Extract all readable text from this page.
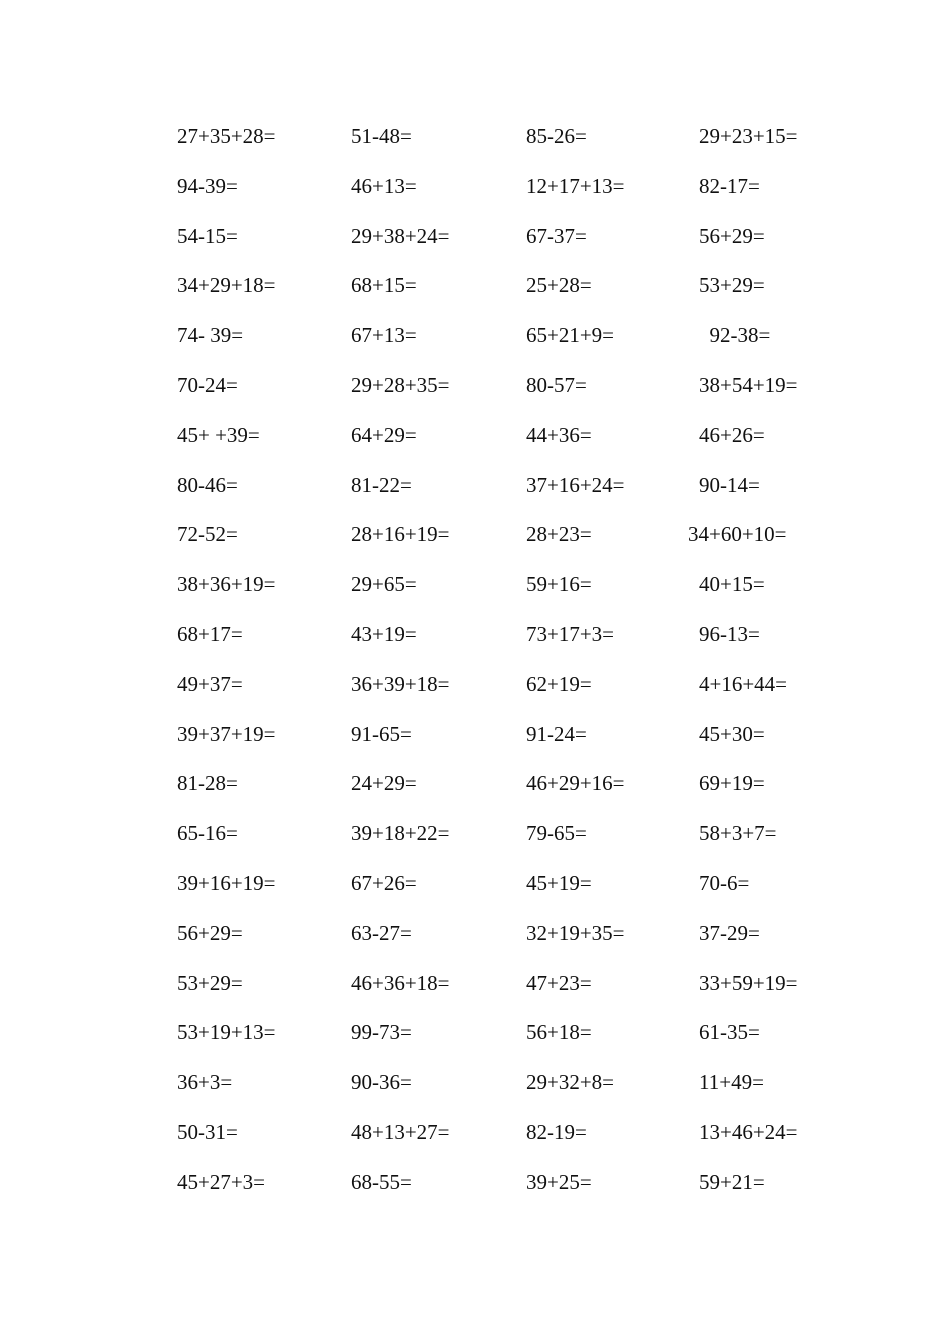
27+35+28=	51-48=	85-26=	29+23+15=
94-39=	46+13=	12+17+13=	82-17=
54-15=	29+38+24=	67-37=	56+29=
34+29+18=	68+15=	25+28=	53+29=
74- 39=	67+13=	65+21+9=	92-38=
70-24=	29+28+35=	80-57=	38+54+19=
45+ +39=	64+29=	44+36=	46+26=
80-46=	81-22=	37+16+24=	90-14=
72-52=	28+16+19=	28+23=	34+60+10=
38+36+19=	29+65=	59+16=	40+15=
68+17=	43+19=	73+17+3=	96-13=
49+37=	36+39+18=	62+19=	4+16+44=
39+37+19=	91-65=	91-24=	45+30=
81-28=	24+29=	46+29+16=	69+19=
65-16=	39+18+22=	79-65=	58+3+7=
39+16+19=	67+26=	45+19=	70-6=
56+29=	63-27=	32+19+35=	37-29=
53+29=	46+36+18=	47+23=	33+59+19=
53+19+13=	99-73=	56+18=	61-35=
36+3=	90-36=	29+32+8=	11+49=
50-31=	48+13+27=	82-19=	13+46+24=
45+27+3=	68-55=	39+25=	59+21=
